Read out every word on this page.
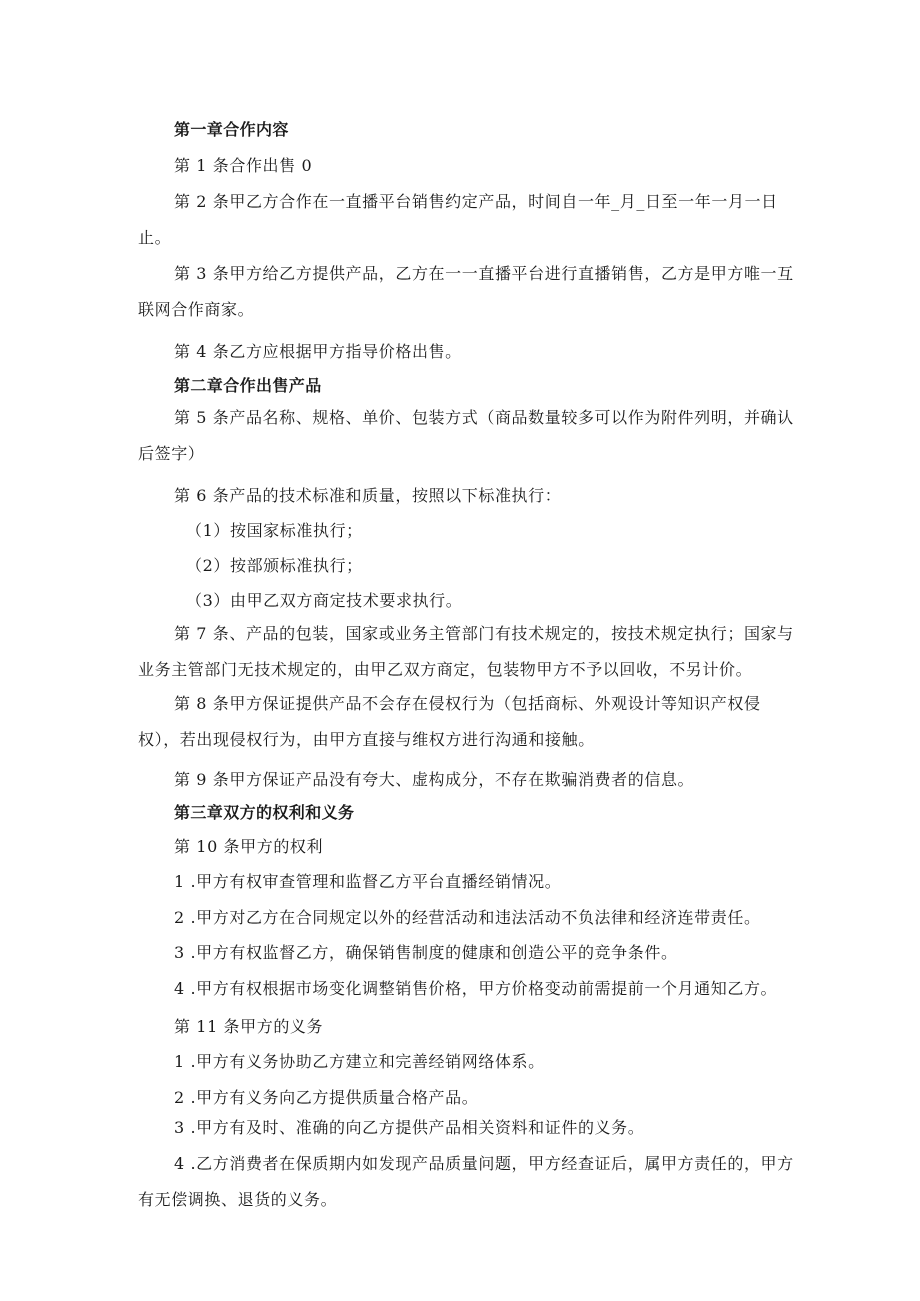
第一章合作内容
第 1 条合作出售 0
第 2 条甲乙方合作在一直播平台销售约定产品，时间自一年_月_日至一年一月一日止。
第 3 条甲方给乙方提供产品，乙方在一一直播平台进行直播销售，乙方是甲方唯一互联网合作商家。
第 4 条乙方应根据甲方指导价格出售。
第二章合作出售产品
第 5 条产品名称、规格、单价、包装方式（商品数量较多可以作为附件列明，并确认后签字）
第 6 条产品的技术标准和质量，按照以下标准执行：
（1）按国家标准执行；
（2）按部颁标准执行；
（3）由甲乙双方商定技术要求执行。
第 7 条、产品的包装，国家或业务主管部门有技术规定的，按技术规定执行；国家与业务主管部门无技术规定的，由甲乙双方商定，包装物甲方不予以回收，不另计价。
第 8 条甲方保证提供产品不会存在侵权行为（包括商标、外观设计等知识产权侵权），若出现侵权行为，由甲方直接与维权方进行沟通和接触。
第 9 条甲方保证产品没有夸大、虚构成分，不存在欺骗消费者的信息。
第三章双方的权利和义务
第 10 条甲方的权利
1 .甲方有权审查管理和监督乙方平台直播经销情况。
2 .甲方对乙方在合同规定以外的经营活动和违法活动不负法律和经济连带责任。
3 .甲方有权监督乙方，确保销售制度的健康和创造公平的竞争条件。
4 .甲方有权根据市场变化调整销售价格，甲方价格变动前需提前一个月通知乙方。
第 11 条甲方的义务
1 .甲方有义务协助乙方建立和完善经销网络体系。
2 .甲方有义务向乙方提供质量合格产品。
3 .甲方有及时、准确的向乙方提供产品相关资料和证件的义务。
4 .乙方消费者在保质期内如发现产品质量问题，甲方经查证后，属甲方责任的，甲方有无偿调换、退货的义务。
